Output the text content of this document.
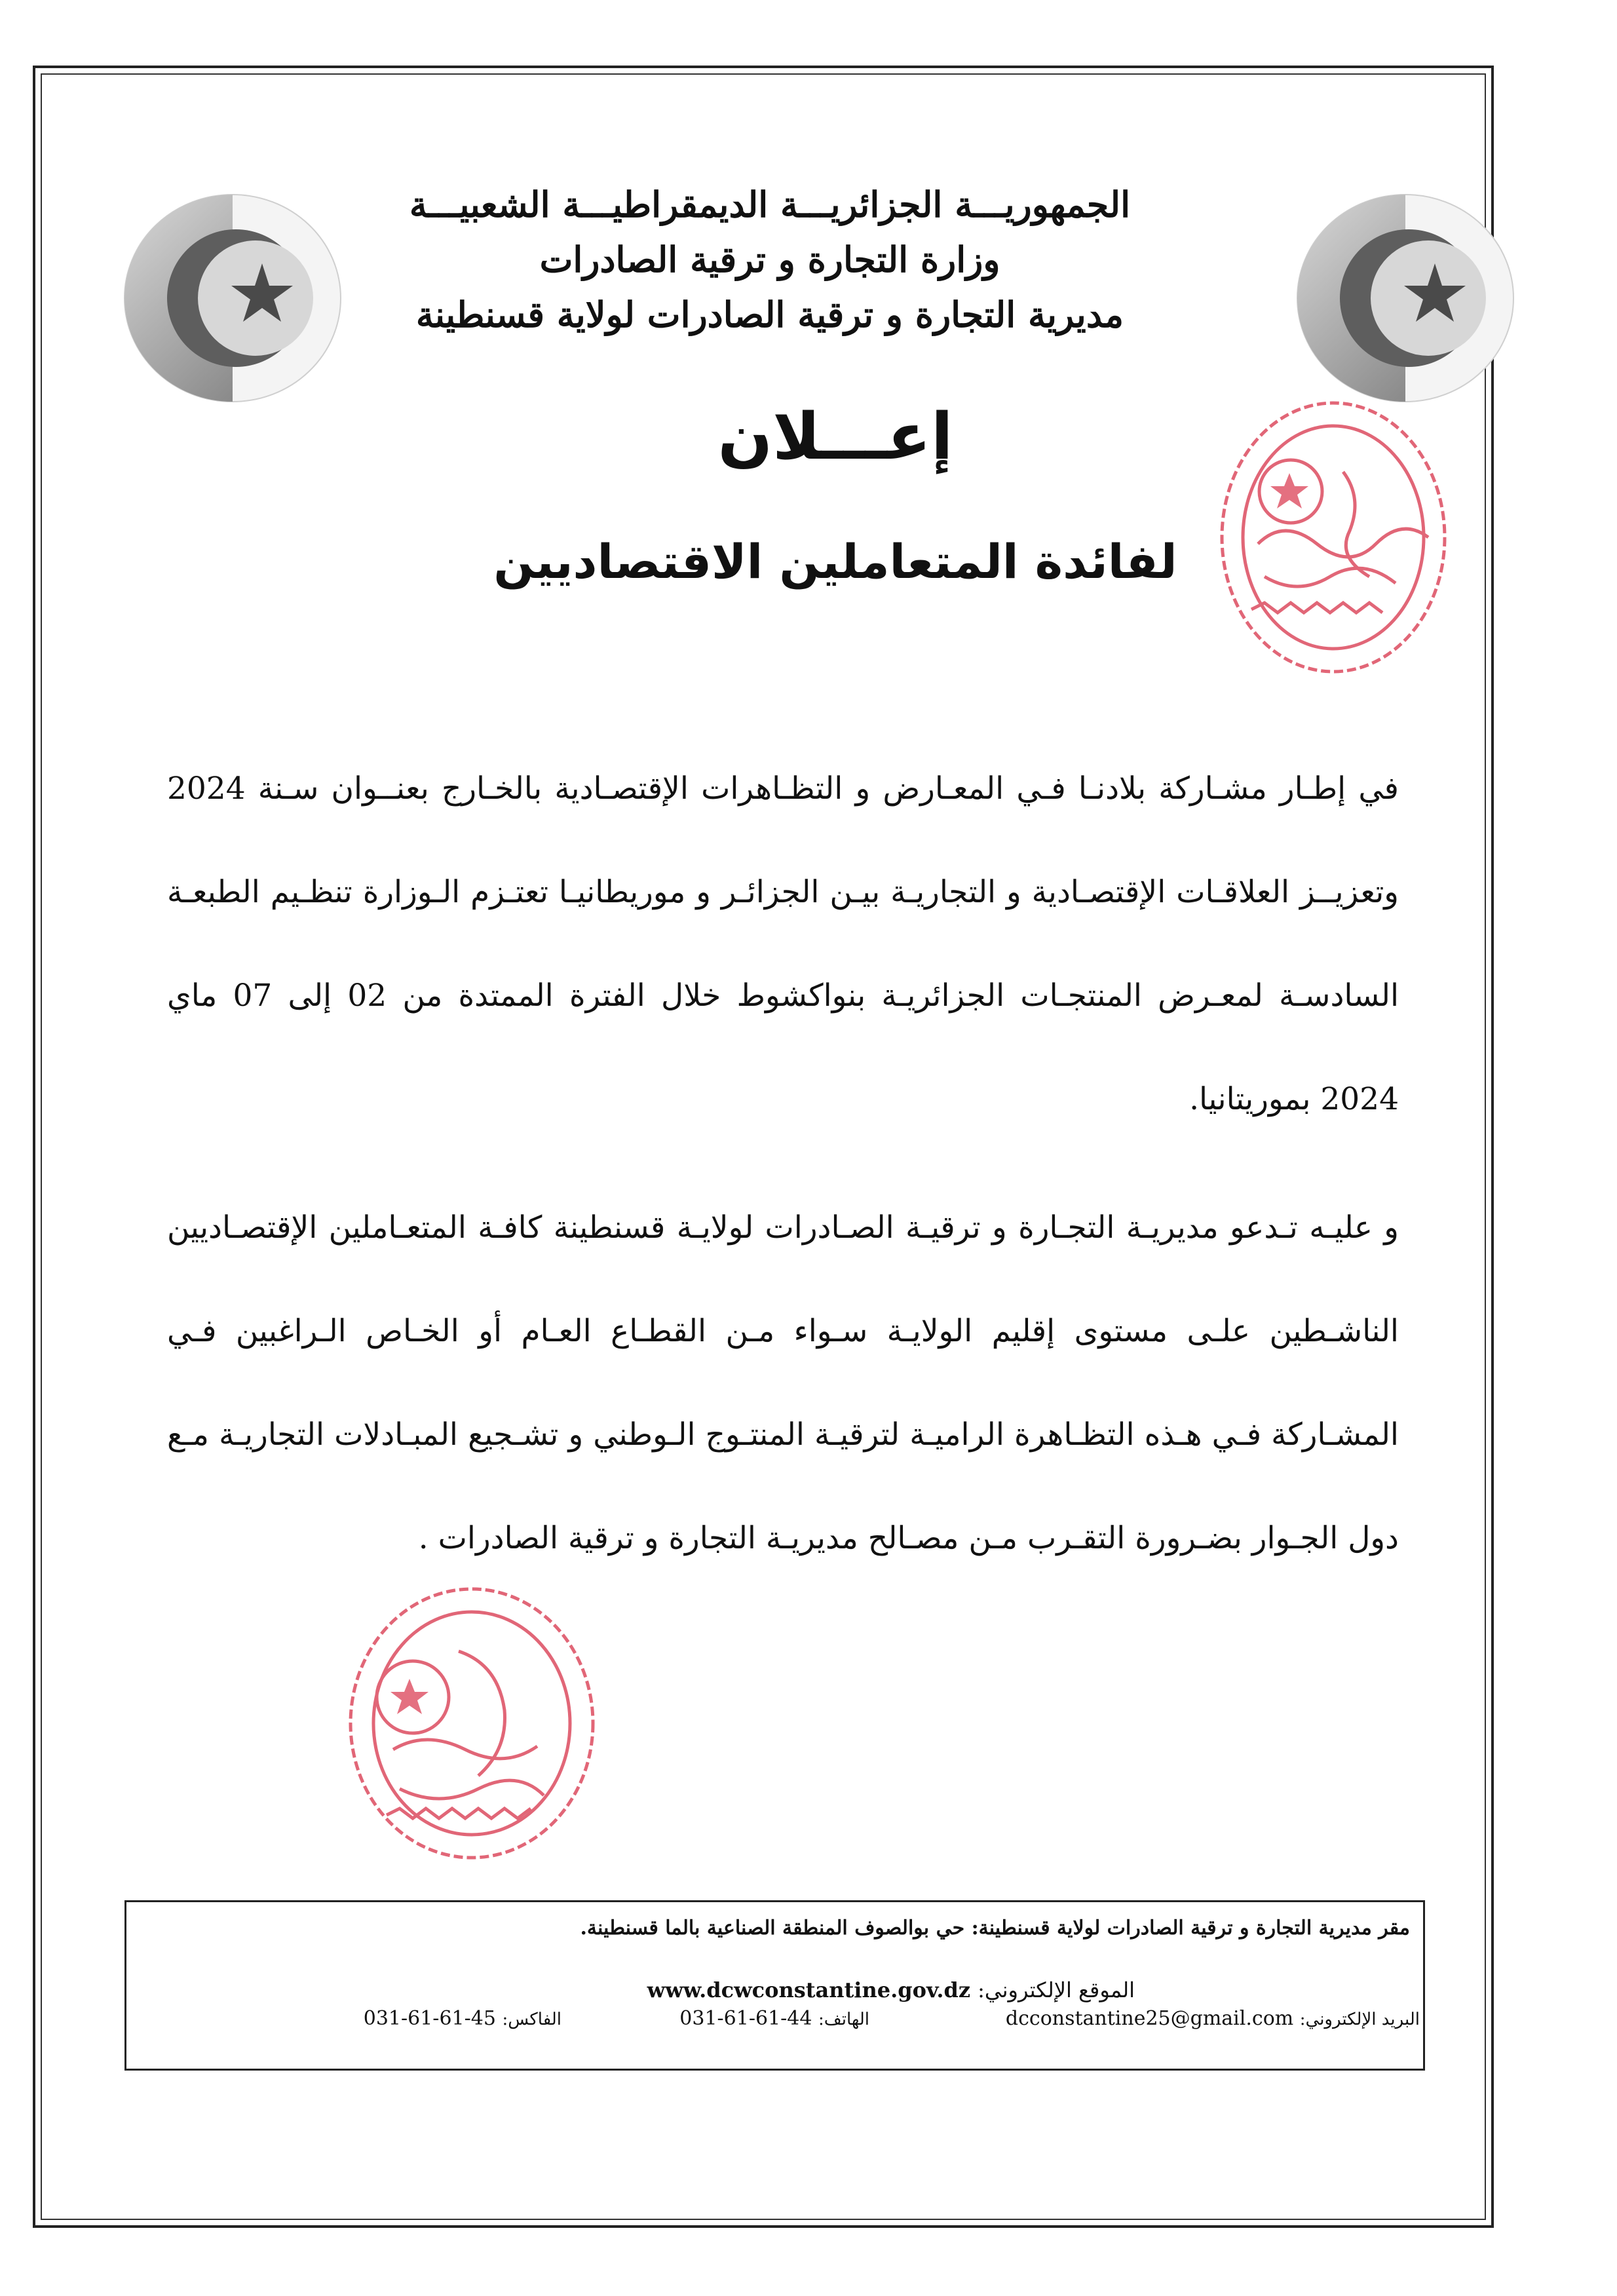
الجمهوريـــة الجزائريـــة الديمقراطيـــة الشعبيـــة
وزارة التجارة و ترقية الصادرات
مديرية التجارة و ترقية الصادرات لولاية قسنطينة
إعـــلان
لفائدة المتعاملين الاقتصاديين
في إطـار مشـاركة بلادنـا فـي المعـارض و التظـاهرات الإقتصـادية بالخـارج بعنــوان سـنة 2024 وتعزيــز العلاقـات الإقتصـادية و التجاريـة بيـن الجزائـر و موريطانيـا تعتـزم الـوزارة تنظـيم الطبعـة السادسـة لمعـرض المنتجـات الجزائريـة بنواكشوط خلال الفترة الممتدة من 02 إلى 07 ماي 2024 بموريتانيا.
و عليـه تـدعو مديريـة التجـارة و ترقيـة الصـادرات لولايـة قسنطينة كافـة المتعـاملين الإقتصـاديين الناشـطين علـى مستوى إقليم الولايـة سـواء مـن القطـاع العـام أو الخـاص الـراغبين فـي المشـاركة فـي هـذه التظـاهرة الراميـة لترقيـة المنتـوج الـوطني و تشـجيع المبـادلات التجاريـة مـع دول الجـوار بضـرورة التقـرب مـن مصـالح مديريـة التجارة و ترقية الصادرات .
مقر مديرية التجارة و ترقية الصادرات لولاية قسنطينة: حي بوالصوف المنطقة الصناعية بالما قسنطينة.
الموقع الإلكتروني: www.dcwconstantine.gov.dz
البريد الإلكتروني: dcconstantine25@gmail.com
الهاتف: 031-61-61-44
الفاكس: 031-61-61-45
